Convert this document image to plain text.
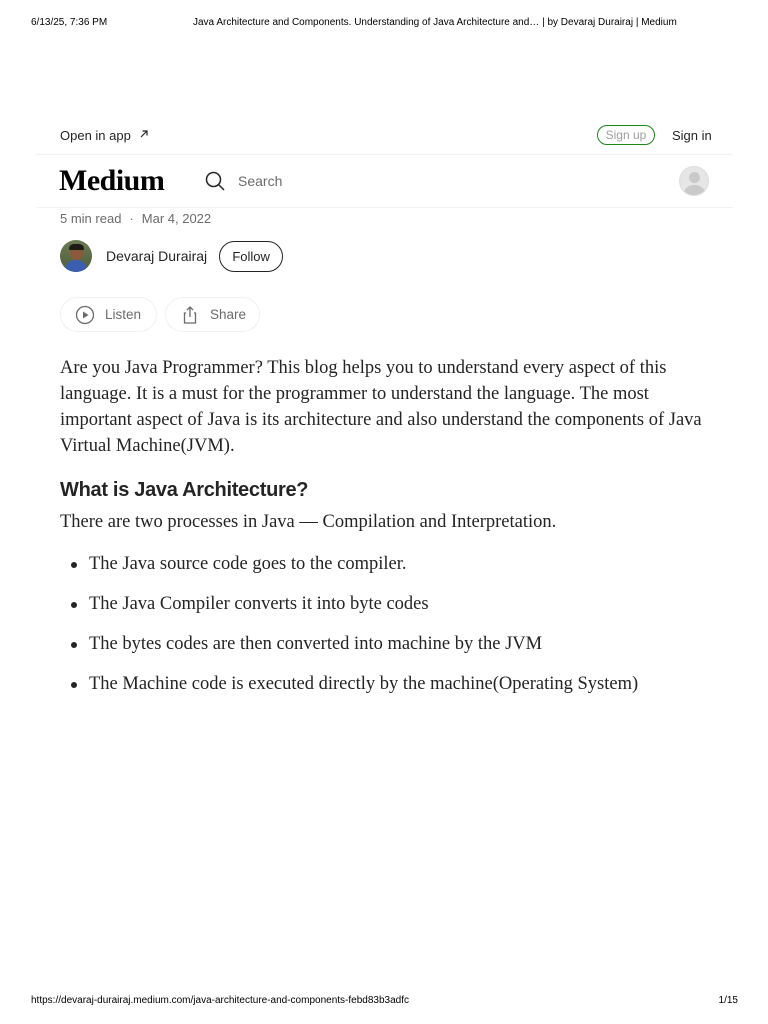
6/13/25, 7:36 PM	Java Architecture and Components. Understanding of Java Architecture and… | by Devaraj Durairaj | Medium
Open in app	Sign up	Sign in
Medium
Search
5 min read · Mar 4, 2022
Devaraj Durairaj	Follow
Listen	Share

Are you Java Programmer? This blog helps you to understand every aspect of this language. It is a must for the programmer to understand the language. The most important aspect of Java is its architecture and also understand the components of Java Virtual Machine(JVM).

What is Java Architecture?

There are two processes in Java — Compilation and Interpretation.

The Java source code goes to the compiler.
The Java Compiler converts it into byte codes
The bytes codes are then converted into machine by the JVM
The Machine code is executed directly by the machine(Operating System)
https://devaraj-durairaj.medium.com/java-architecture-and-components-febd83b3adfc	1/15
